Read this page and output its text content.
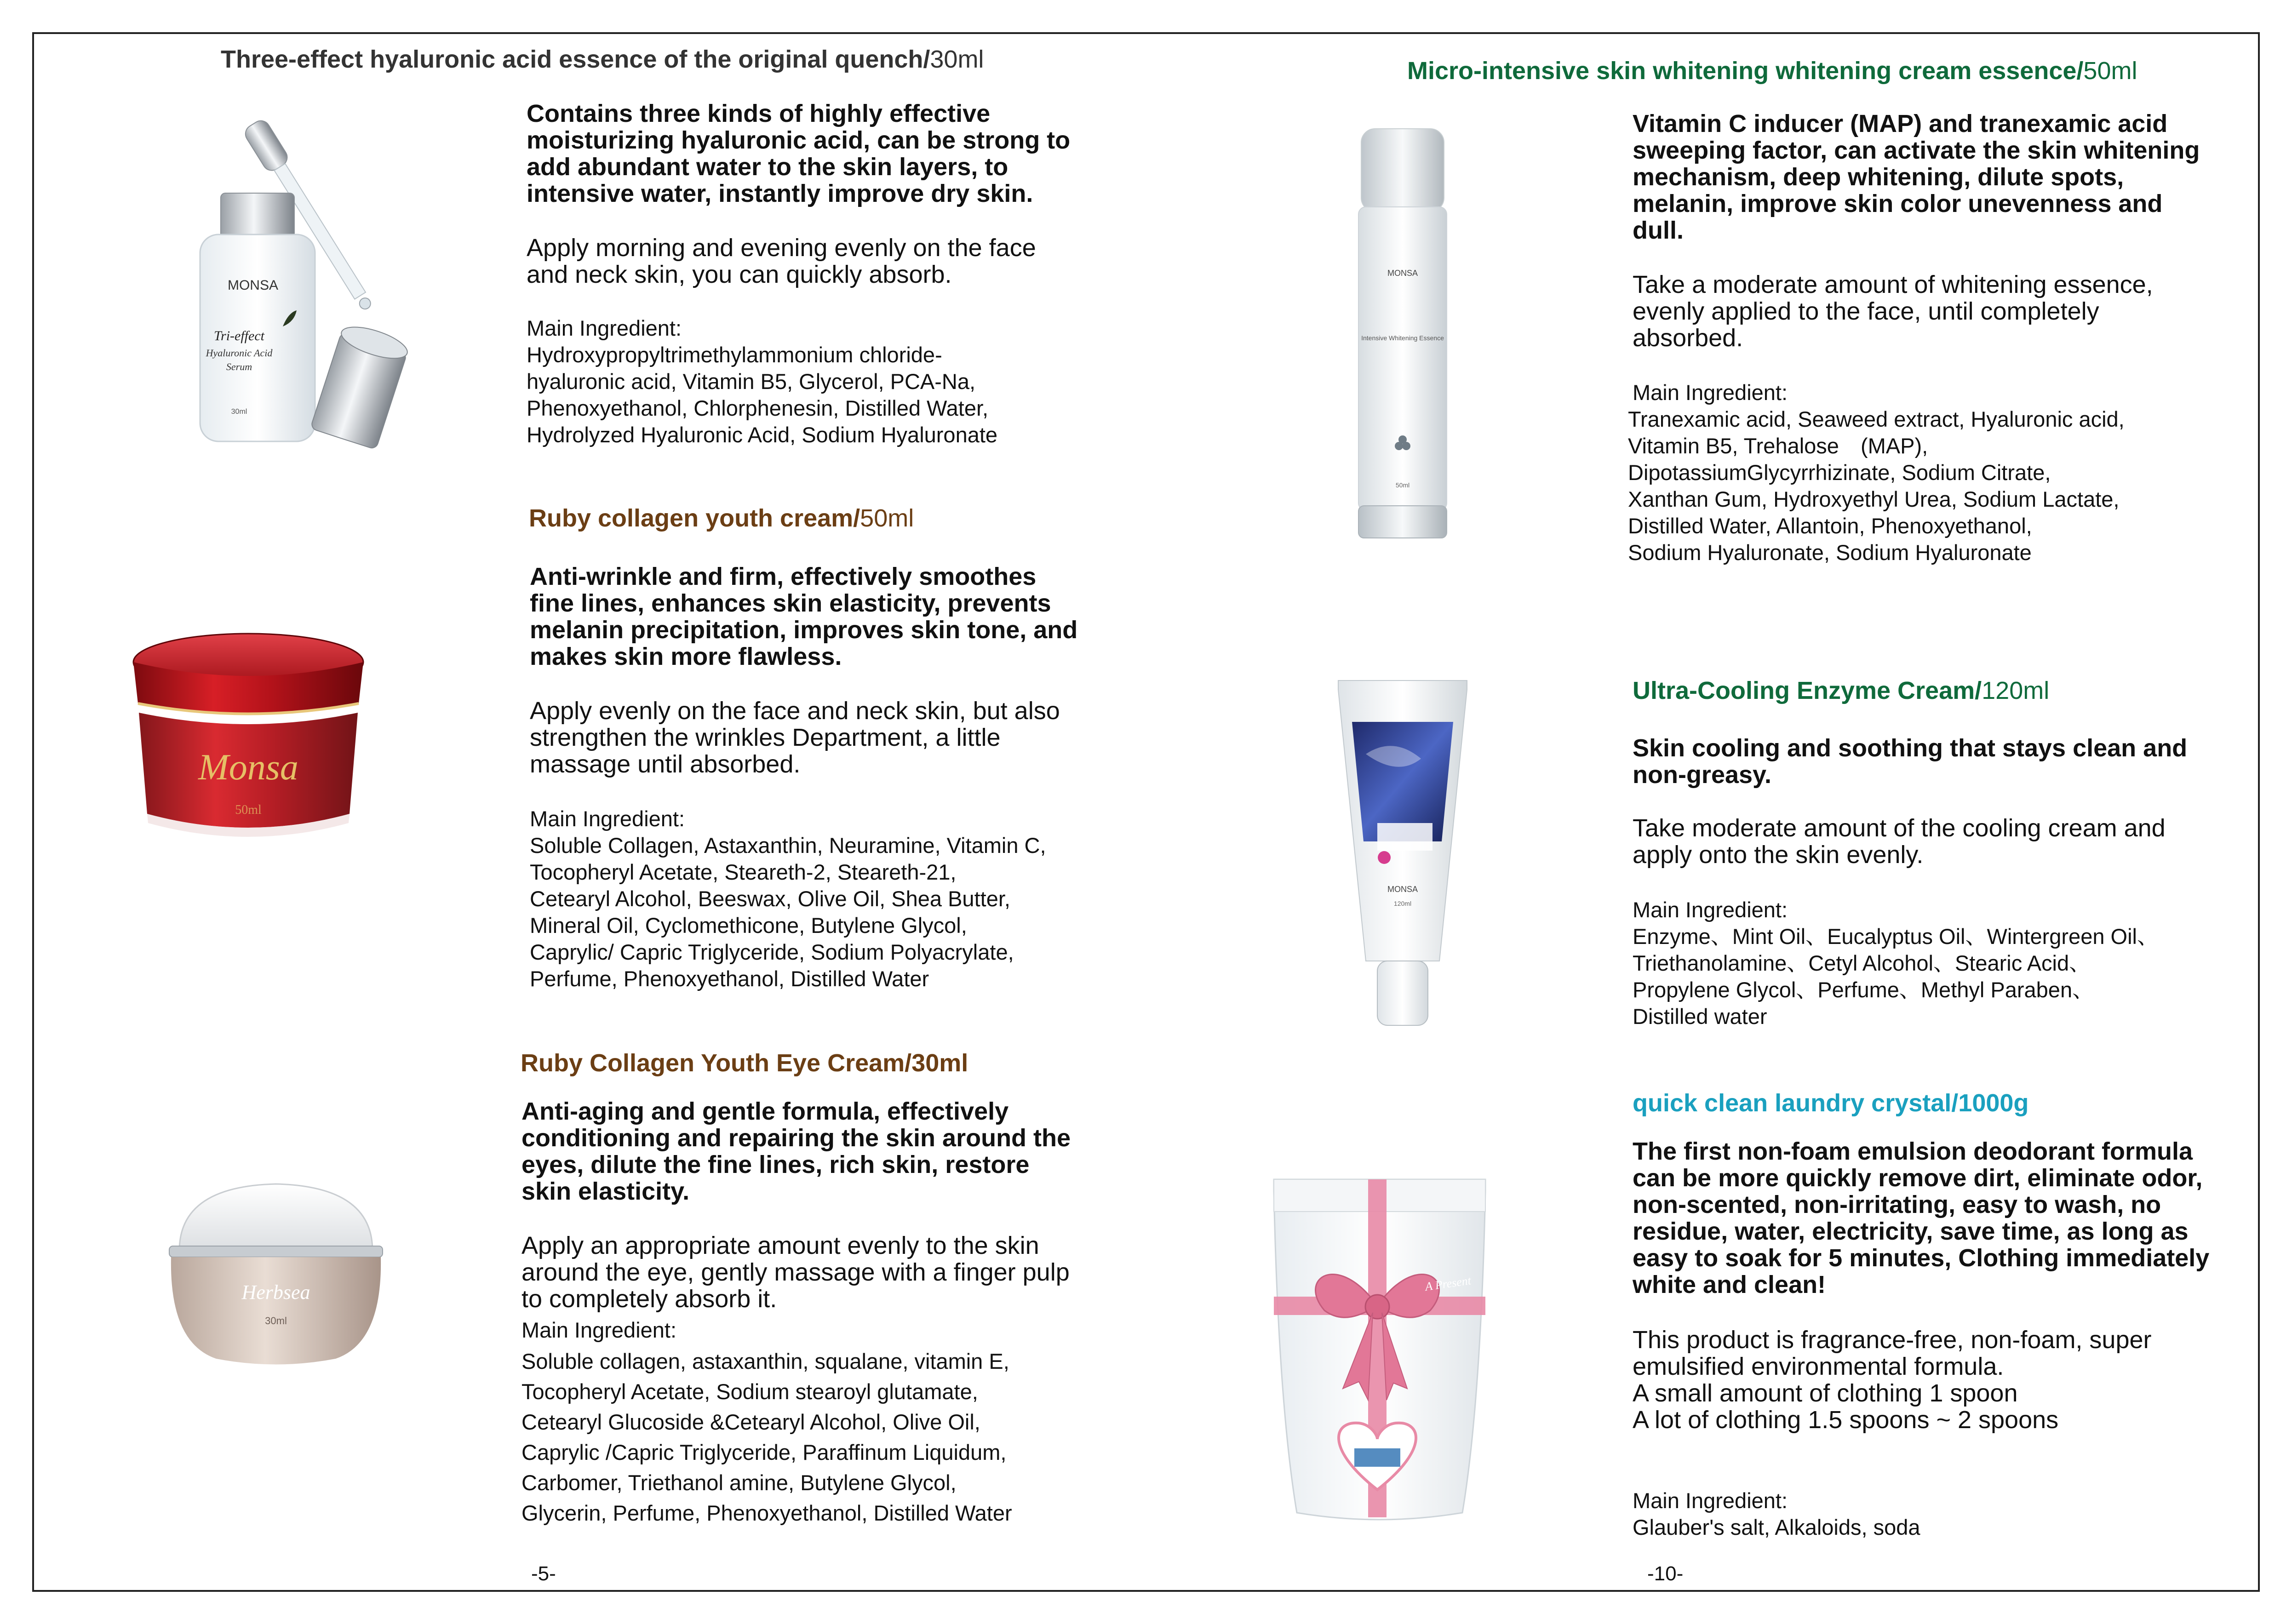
Three-effect hyaluronic acid essence of the original quench/30ml
MONSA
Tri-effect
Hyaluronic Acid
Serum
30ml
Contains three kinds of highly effective
moisturizing hyaluronic acid, can be strong to
add abundant water to the skin layers, to
intensive water, instantly improve dry skin.
Apply morning and evening evenly on the face
and neck skin, you can quickly absorb.
Main Ingredient:
Hydroxypropyltrimethylammonium chloride-
hyaluronic acid, Vitamin B5, Glycerol, PCA-Na,
Phenoxyethanol, Chlorphenesin, Distilled Water,
Hydrolyzed Hyaluronic Acid, Sodium Hyaluronate
Ruby collagen youth cream/50ml
Monsa
50ml
Anti-wrinkle and firm, effectively smoothes
fine lines, enhances skin elasticity, prevents
melanin precipitation, improves skin tone, and
makes skin more flawless.
Apply evenly on the face and neck skin, but also
strengthen the wrinkles Department, a little
massage until absorbed.
Main Ingredient:
Soluble Collagen, Astaxanthin, Neuramine, Vitamin C,
Tocopheryl Acetate, Steareth-2, Steareth-21,
Cetearyl Alcohol, Beeswax, Olive Oil, Shea Butter,
Mineral Oil, Cyclomethicone, Butylene Glycol,
Caprylic/ Capric Triglyceride, Sodium Polyacrylate,
Perfume, Phenoxyethanol, Distilled Water
Ruby Collagen Youth Eye Cream/30ml
Herbsea
30ml
Anti-aging and gentle formula, effectively
conditioning and repairing the skin around the
eyes, dilute the fine lines, rich skin, restore
skin elasticity.
Apply an appropriate amount evenly to the skin
around the eye, gently massage with a finger pulp
to completely absorb it.
Main Ingredient:
Soluble collagen, astaxanthin, squalane, vitamin E,
Tocopheryl Acetate, Sodium stearoyl glutamate,
Cetearyl Glucoside &Cetearyl Alcohol, Olive Oil,
Caprylic /Capric Triglyceride, Paraffinum Liquidum,
Carbomer, Triethanol amine, Butylene Glycol,
Glycerin, Perfume, Phenoxyethanol, Distilled Water
-5-
Micro-intensive skin whitening whitening cream essence/50ml
MONSA
Intensive Whitening Essence
50ml
Vitamin C inducer (MAP) and tranexamic acid
sweeping factor, can activate the skin whitening
mechanism, deep whitening, dilute spots,
melanin, improve skin color unevenness and
dull.
Take a moderate amount of whitening essence,
evenly applied to the face, until completely
absorbed.
Main Ingredient:
Tranexamic acid, Seaweed extract, Hyaluronic acid,
Vitamin B5, Trehalose　(MAP),
DipotassiumGlycyrrhizinate, Sodium Citrate,
Xanthan Gum, Hydroxyethyl Urea, Sodium Lactate,
Distilled Water, Allantoin, Phenoxyethanol,
Sodium Hyaluronate, Sodium Hyaluronate
Ultra-Cooling Enzyme Cream/120ml
MONSA
120ml
Skin cooling and soothing that stays clean and
non-greasy.
Take moderate amount of the cooling cream and
apply onto the skin evenly.
Main Ingredient:
Enzyme、Mint Oil、Eucalyptus Oil、Wintergreen Oil、
Triethanolamine、Cetyl Alcohol、Stearic Acid、
Propylene Glycol、Perfume、Methyl Paraben、
Distilled water
quick clean laundry crystal/1000g
A Present
The first non-foam emulsion deodorant formula
can be more quickly remove dirt, eliminate odor,
non-scented, non-irritating, easy to wash, no
residue, water, electricity, save time, as long as
easy to soak for 5 minutes, Clothing immediately
white and clean!
This product is fragrance-free, non-foam, super
emulsified environmental formula.
A small amount of clothing 1 spoon
A lot of clothing 1.5 spoons ~ 2 spoons
Main Ingredient:
Glauber's salt, Alkaloids, soda
-10-
